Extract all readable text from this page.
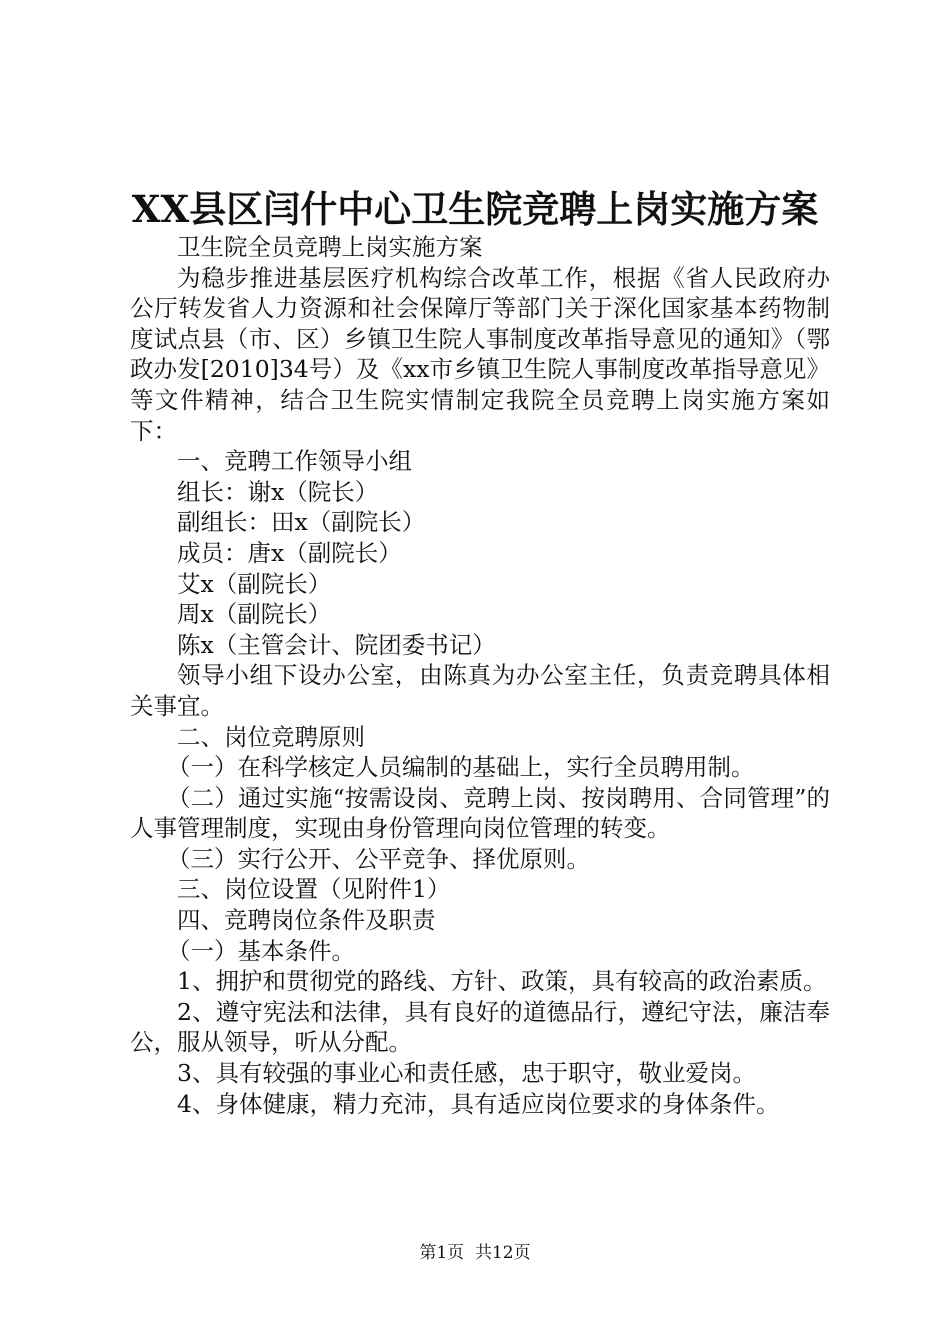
XX县区闫什中心卫生院竞聘上岗实施方案

卫生院全员竞聘上岗实施方案

为稳步推进基层医疗机构综合改革工作，根据《省人民政府办公厅转发省人力资源和社会保障厅等部门关于深化国家基本药物制度试点县（市、区）乡镇卫生院人事制度改革指导意见的通知》（鄂政办发[2010]34号）及《xx市乡镇卫生院人事制度改革指导意见》等文件精神，结合卫生院实情制定我院全员竞聘上岗实施方案如下：

一、竞聘工作领导小组

组长：谢x（院长）

副组长：田x（副院长）

成员：唐x（副院长）

艾x（副院长）

周x（副院长）

陈x（主管会计、院团委书记）

领导小组下设办公室，由陈真为办公室主任，负责竞聘具体相关事宜。

二、岗位竞聘原则

（一）在科学核定人员编制的基础上，实行全员聘用制。

（二）通过实施“按需设岗、竞聘上岗、按岗聘用、合同管理”的人事管理制度，实现由身份管理向岗位管理的转变。

（三）实行公开、公平竞争、择优原则。

三、岗位设置（见附件1）

四、竞聘岗位条件及职责

（一）基本条件。

1、拥护和贯彻党的路线、方针、政策，具有较高的政治素质。

2、遵守宪法和法律，具有良好的道德品行，遵纪守法，廉洁奉公，服从领导，听从分配。

3、具有较强的事业心和责任感，忠于职守，敬业爱岗。

4、身体健康，精力充沛，具有适应岗位要求的身体条件。

第1页  共12页
